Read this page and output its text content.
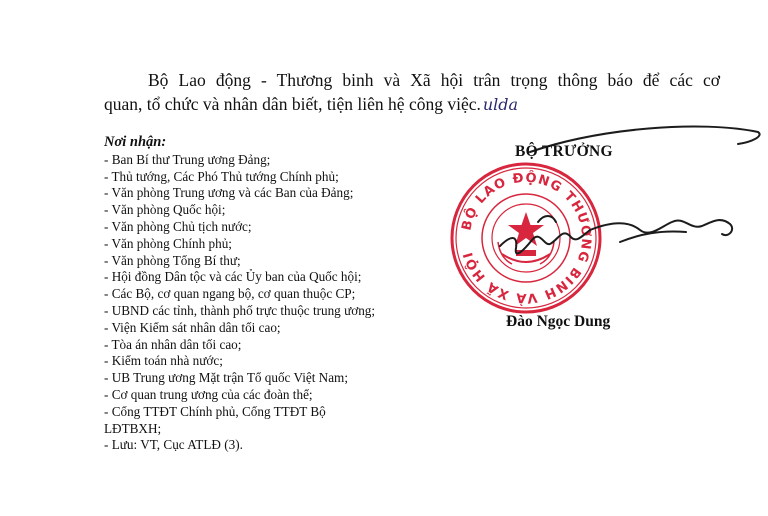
Bộ Lao động - Thương binh và Xã hội trân trọng thông báo để các cơ
quan, tổ chức và nhân dân biết, tiện liên hệ công việc. ulda
Nơi nhận:
- Ban Bí thư Trung ương Đảng;
- Thủ tướng, Các Phó Thủ tướng Chính phủ;
- Văn phòng Trung ương và các Ban của Đảng;
- Văn phòng Quốc hội;
- Văn phòng Chủ tịch nước;
- Văn phòng Chính phủ;
- Văn phòng Tổng Bí thư;
- Hội đồng Dân tộc và các Ủy ban của Quốc hội;
- Các Bộ, cơ quan ngang bộ, cơ quan thuộc CP;
- UBND các tỉnh, thành phố trực thuộc trung ương;
- Viện Kiểm sát nhân dân tối cao;
- Tòa án nhân dân tối cao;
- Kiểm toán nhà nước;
- UB Trung ương Mặt trận Tổ quốc Việt Nam;
- Cơ quan trung ương của các đoàn thể;
- Cổng TTĐT Chính phủ, Cổng TTĐT Bộ
LĐTBXH;
- Lưu: VT, Cục ATLĐ (3).
BỘ LAO ĐỘNG THƯƠNG BINH VÀ XÃ HỘI
BỘ TRƯỞNG
Đào Ngọc Dung
